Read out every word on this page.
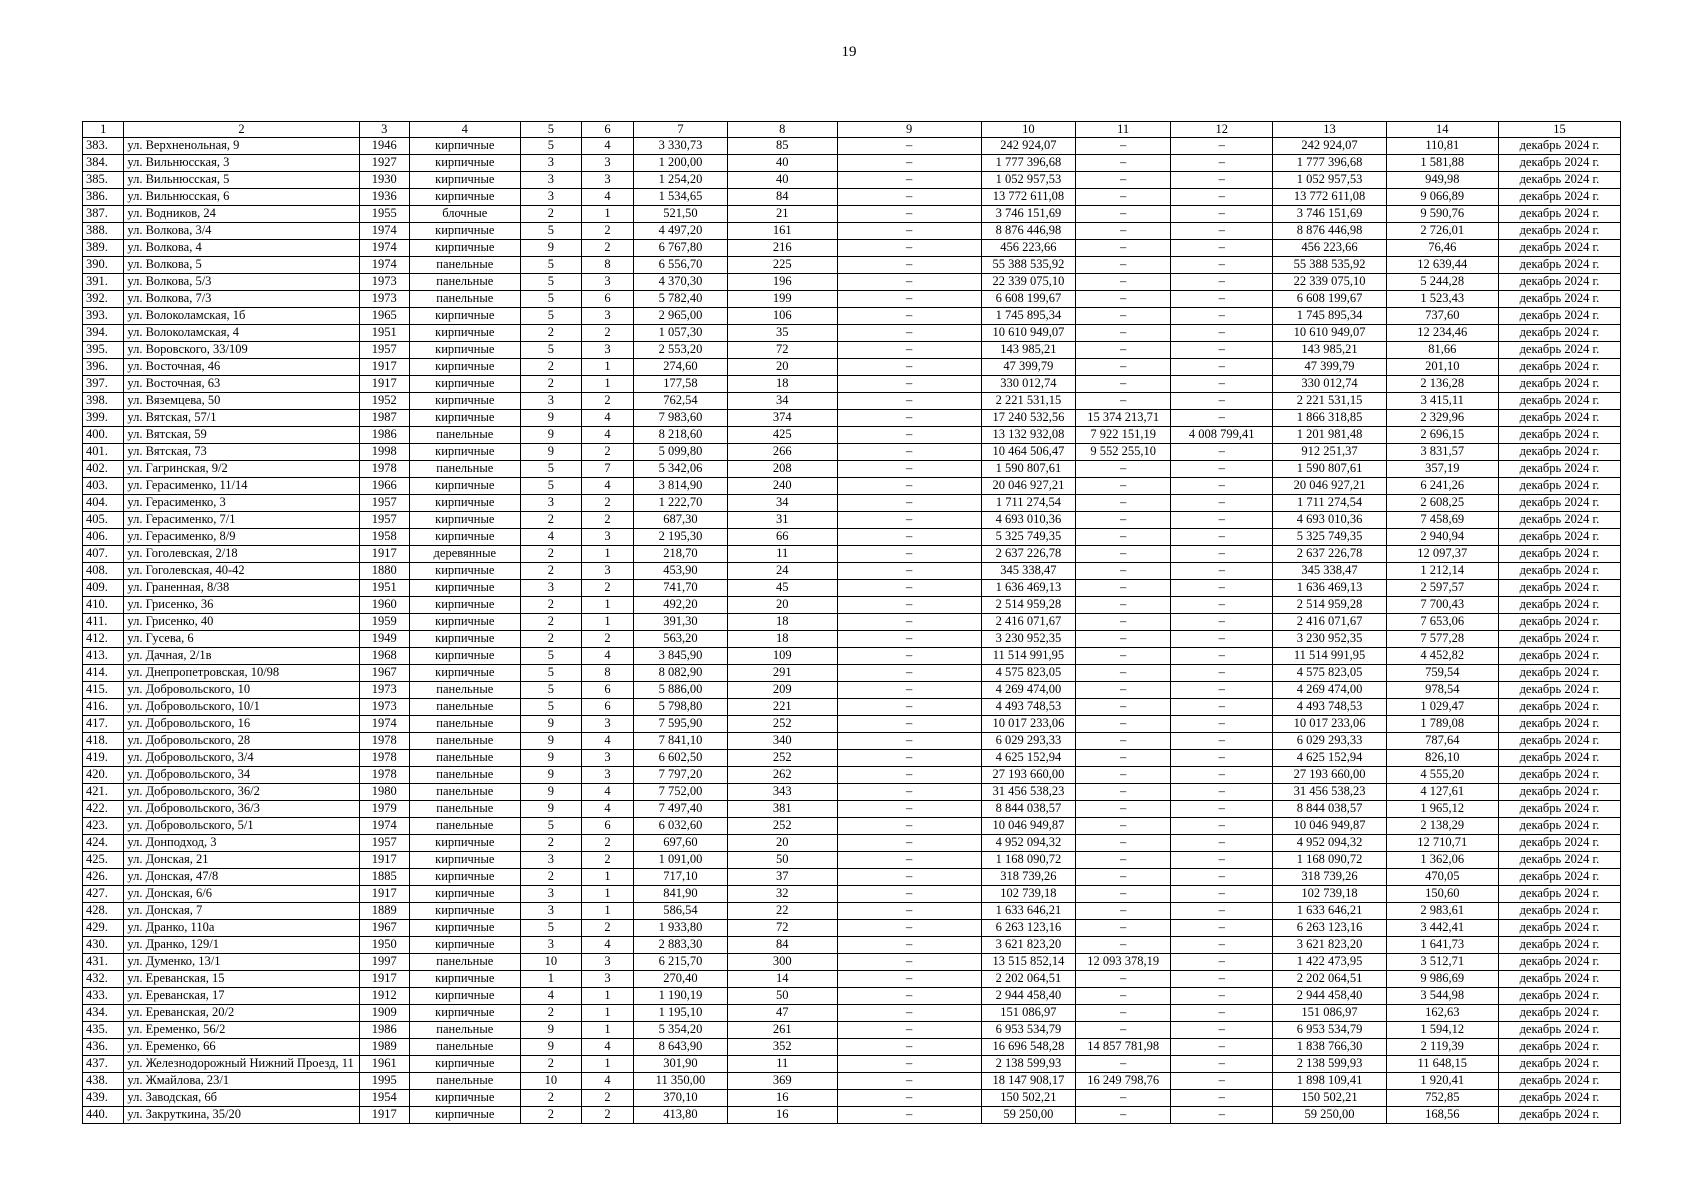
19
1	2	3	4	5	6	7	8	9	10	11	12	13	14	15
383.	ул. Верхненольная, 9	1946	кирпичные	5	4	3 330,73	85	–	242 924,07	–	–	242 924,07	110,81	декабрь 2024 г.
384.	ул. Вильнюсская, 3	1927	кирпичные	3	3	1 200,00	40	–	1 777 396,68	–	–	1 777 396,68	1 581,88	декабрь 2024 г.
385.	ул. Вильнюсская, 5	1930	кирпичные	3	3	1 254,20	40	–	1 052 957,53	–	–	1 052 957,53	949,98	декабрь 2024 г.
386.	ул. Вильнюсская, 6	1936	кирпичные	3	4	1 534,65	84	–	13 772 611,08	–	–	13 772 611,08	9 066,89	декабрь 2024 г.
387.	ул. Водников, 24	1955	блочные	2	1	521,50	21	–	3 746 151,69	–	–	3 746 151,69	9 590,76	декабрь 2024 г.
388.	ул. Волкова, 3/4	1974	кирпичные	5	2	4 497,20	161	–	8 876 446,98	–	–	8 876 446,98	2 726,01	декабрь 2024 г.
389.	ул. Волкова, 4	1974	кирпичные	9	2	6 767,80	216	–	456 223,66	–	–	456 223,66	76,46	декабрь 2024 г.
390.	ул. Волкова, 5	1974	панельные	5	8	6 556,70	225	–	55 388 535,92	–	–	55 388 535,92	12 639,44	декабрь 2024 г.
391.	ул. Волкова, 5/3	1973	панельные	5	3	4 370,30	196	–	22 339 075,10	–	–	22 339 075,10	5 244,28	декабрь 2024 г.
392.	ул. Волкова, 7/3	1973	панельные	5	6	5 782,40	199	–	6 608 199,67	–	–	6 608 199,67	1 523,43	декабрь 2024 г.
393.	ул. Волоколамская, 1б	1965	кирпичные	5	3	2 965,00	106	–	1 745 895,34	–	–	1 745 895,34	737,60	декабрь 2024 г.
394.	ул. Волоколамская, 4	1951	кирпичные	2	2	1 057,30	35	–	10 610 949,07	–	–	10 610 949,07	12 234,46	декабрь 2024 г.
395.	ул. Воровского, 33/109	1957	кирпичные	5	3	2 553,20	72	–	143 985,21	–	–	143 985,21	81,66	декабрь 2024 г.
396.	ул. Восточная, 46	1917	кирпичные	2	1	274,60	20	–	47 399,79	–	–	47 399,79	201,10	декабрь 2024 г.
397.	ул. Восточная, 63	1917	кирпичные	2	1	177,58	18	–	330 012,74	–	–	330 012,74	2 136,28	декабрь 2024 г.
398.	ул. Вяземцева, 50	1952	кирпичные	3	2	762,54	34	–	2 221 531,15	–	–	2 221 531,15	3 415,11	декабрь 2024 г.
399.	ул. Вятская, 57/1	1987	кирпичные	9	4	7 983,60	374	–	17 240 532,56	15 374 213,71	–	1 866 318,85	2 329,96	декабрь 2024 г.
400.	ул. Вятская, 59	1986	панельные	9	4	8 218,60	425	–	13 132 932,08	7 922 151,19	4 008 799,41	1 201 981,48	2 696,15	декабрь 2024 г.
401.	ул. Вятская, 73	1998	кирпичные	9	2	5 099,80	266	–	10 464 506,47	9 552 255,10	–	912 251,37	3 831,57	декабрь 2024 г.
402.	ул. Гагринская, 9/2	1978	панельные	5	7	5 342,06	208	–	1 590 807,61	–	–	1 590 807,61	357,19	декабрь 2024 г.
403.	ул. Герасименко, 11/14	1966	кирпичные	5	4	3 814,90	240	–	20 046 927,21	–	–	20 046 927,21	6 241,26	декабрь 2024 г.
404.	ул. Герасименко, 3	1957	кирпичные	3	2	1 222,70	34	–	1 711 274,54	–	–	1 711 274,54	2 608,25	декабрь 2024 г.
405.	ул. Герасименко, 7/1	1957	кирпичные	2	2	687,30	31	–	4 693 010,36	–	–	4 693 010,36	7 458,69	декабрь 2024 г.
406.	ул. Герасименко, 8/9	1958	кирпичные	4	3	2 195,30	66	–	5 325 749,35	–	–	5 325 749,35	2 940,94	декабрь 2024 г.
407.	ул. Гоголевская, 2/18	1917	деревянные	2	1	218,70	11	–	2 637 226,78	–	–	2 637 226,78	12 097,37	декабрь 2024 г.
408.	ул. Гоголевская, 40-42	1880	кирпичные	2	3	453,90	24	–	345 338,47	–	–	345 338,47	1 212,14	декабрь 2024 г.
409.	ул. Граненная, 8/38	1951	кирпичные	3	2	741,70	45	–	1 636 469,13	–	–	1 636 469,13	2 597,57	декабрь 2024 г.
410.	ул. Грисенко, 36	1960	кирпичные	2	1	492,20	20	–	2 514 959,28	–	–	2 514 959,28	7 700,43	декабрь 2024 г.
411.	ул. Грисенко, 40	1959	кирпичные	2	1	391,30	18	–	2 416 071,67	–	–	2 416 071,67	7 653,06	декабрь 2024 г.
412.	ул. Гусева, 6	1949	кирпичные	2	2	563,20	18	–	3 230 952,35	–	–	3 230 952,35	7 577,28	декабрь 2024 г.
413.	ул. Дачная, 2/1в	1968	кирпичные	5	4	3 845,90	109	–	11 514 991,95	–	–	11 514 991,95	4 452,82	декабрь 2024 г.
414.	ул. Днепропетровская, 10/98	1967	кирпичные	5	8	8 082,90	291	–	4 575 823,05	–	–	4 575 823,05	759,54	декабрь 2024 г.
415.	ул. Добровольского, 10	1973	панельные	5	6	5 886,00	209	–	4 269 474,00	–	–	4 269 474,00	978,54	декабрь 2024 г.
416.	ул. Добровольского, 10/1	1973	панельные	5	6	5 798,80	221	–	4 493 748,53	–	–	4 493 748,53	1 029,47	декабрь 2024 г.
417.	ул. Добровольского, 16	1974	панельные	9	3	7 595,90	252	–	10 017 233,06	–	–	10 017 233,06	1 789,08	декабрь 2024 г.
418.	ул. Добровольского, 28	1978	панельные	9	4	7 841,10	340	–	6 029 293,33	–	–	6 029 293,33	787,64	декабрь 2024 г.
419.	ул. Добровольского, 3/4	1978	панельные	9	3	6 602,50	252	–	4 625 152,94	–	–	4 625 152,94	826,10	декабрь 2024 г.
420.	ул. Добровольского, 34	1978	панельные	9	3	7 797,20	262	–	27 193 660,00	–	–	27 193 660,00	4 555,20	декабрь 2024 г.
421.	ул. Добровольского, 36/2	1980	панельные	9	4	7 752,00	343	–	31 456 538,23	–	–	31 456 538,23	4 127,61	декабрь 2024 г.
422.	ул. Добровольского, 36/3	1979	панельные	9	4	7 497,40	381	–	8 844 038,57	–	–	8 844 038,57	1 965,12	декабрь 2024 г.
423.	ул. Добровольского, 5/1	1974	панельные	5	6	6 032,60	252	–	10 046 949,87	–	–	10 046 949,87	2 138,29	декабрь 2024 г.
424.	ул. Донподход, 3	1957	кирпичные	2	2	697,60	20	–	4 952 094,32	–	–	4 952 094,32	12 710,71	декабрь 2024 г.
425.	ул. Донская, 21	1917	кирпичные	3	2	1 091,00	50	–	1 168 090,72	–	–	1 168 090,72	1 362,06	декабрь 2024 г.
426.	ул. Донская, 47/8	1885	кирпичные	2	1	717,10	37	–	318 739,26	–	–	318 739,26	470,05	декабрь 2024 г.
427.	ул. Донская, 6/6	1917	кирпичные	3	1	841,90	32	–	102 739,18	–	–	102 739,18	150,60	декабрь 2024 г.
428.	ул. Донская, 7	1889	кирпичные	3	1	586,54	22	–	1 633 646,21	–	–	1 633 646,21	2 983,61	декабрь 2024 г.
429.	ул. Дранко, 110а	1967	кирпичные	5	2	1 933,80	72	–	6 263 123,16	–	–	6 263 123,16	3 442,41	декабрь 2024 г.
430.	ул. Дранко, 129/1	1950	кирпичные	3	4	2 883,30	84	–	3 621 823,20	–	–	3 621 823,20	1 641,73	декабрь 2024 г.
431.	ул. Думенко, 13/1	1997	панельные	10	3	6 215,70	300	–	13 515 852,14	12 093 378,19	–	1 422 473,95	3 512,71	декабрь 2024 г.
432.	ул. Ереванская, 15	1917	кирпичные	1	3	270,40	14	–	2 202 064,51	–	–	2 202 064,51	9 986,69	декабрь 2024 г.
433.	ул. Ереванская, 17	1912	кирпичные	4	1	1 190,19	50	–	2 944 458,40	–	–	2 944 458,40	3 544,98	декабрь 2024 г.
434.	ул. Ереванская, 20/2	1909	кирпичные	2	1	1 195,10	47	–	151 086,97	–	–	151 086,97	162,63	декабрь 2024 г.
435.	ул. Еременко, 56/2	1986	панельные	9	1	5 354,20	261	–	6 953 534,79	–	–	6 953 534,79	1 594,12	декабрь 2024 г.
436.	ул. Еременко, 66	1989	панельные	9	4	8 643,90	352	–	16 696 548,28	14 857 781,98	–	1 838 766,30	2 119,39	декабрь 2024 г.
437.	ул. Железнодорожный Нижний Проезд, 11	1961	кирпичные	2	1	301,90	11	–	2 138 599,93	–	–	2 138 599,93	11 648,15	декабрь 2024 г.
438.	ул. Жмайлова, 23/1	1995	панельные	10	4	11 350,00	369	–	18 147 908,17	16 249 798,76	–	1 898 109,41	1 920,41	декабрь 2024 г.
439.	ул. Заводская, 6б	1954	кирпичные	2	2	370,10	16	–	150 502,21	–	–	150 502,21	752,85	декабрь 2024 г.
440.	ул. Закруткина, 35/20	1917	кирпичные	2	2	413,80	16	–	59 250,00	–	–	59 250,00	168,56	декабрь 2024 г.
